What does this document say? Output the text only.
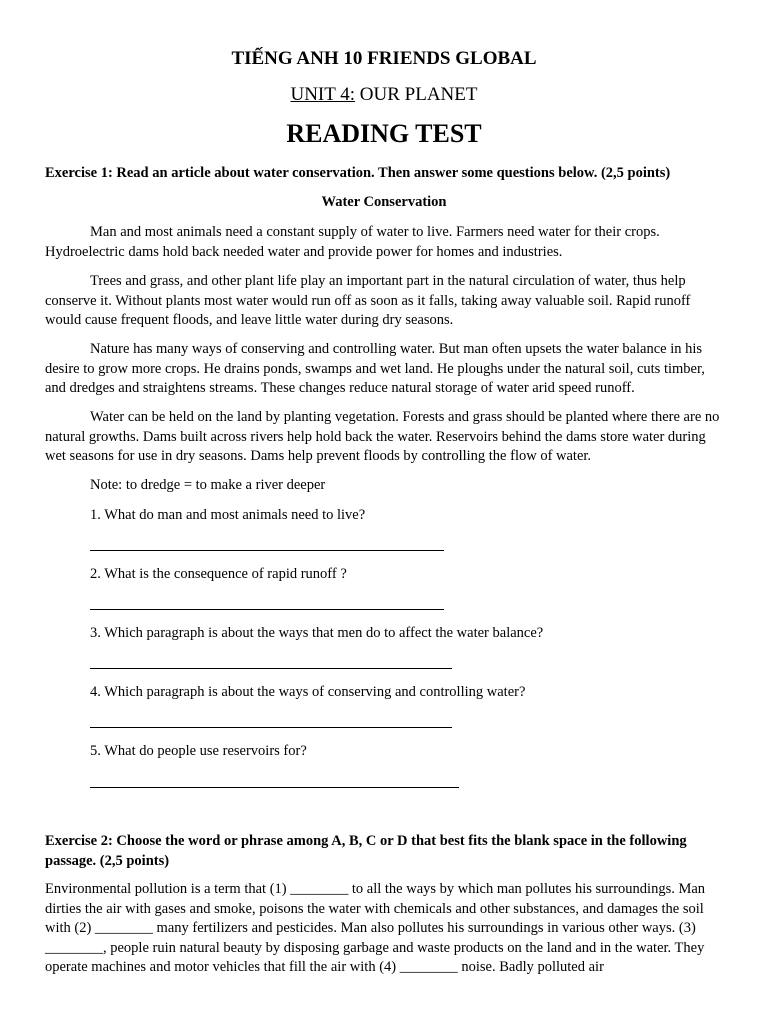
TIẾNG ANH 10 FRIENDS GLOBAL
UNIT 4: OUR PLANET
READING TEST
Exercise 1: Read an article about water conservation. Then answer some questions below. (2,5 points)
Water Conservation

Man and most animals need a constant supply of water to live. Farmers need water for their crops. Hydroelectric dams hold back needed water and provide power for homes and industries.

Trees and grass, and other plant life play an important part in the natural circulation of water, thus help conserve it. Without plants most water would run off as soon as it falls, taking away valuable soil. Rapid runoff would cause frequent floods, and leave little water during dry seasons.

Nature has many ways of conserving and controlling water. But man often upsets the water balance in his desire to grow more crops. He drains ponds, swamps and wet land. He ploughs under the natural soil, cuts timber, and dredges and straightens streams. These changes reduce natural storage of water arid speed runoff.

Water can be held on the land by planting vegetation. Forests and grass should be planted where there are no natural growths. Dams built across rivers help hold back the water. Reservoirs behind the dams store water during wet seasons for use in dry seasons. Dams help prevent floods by controlling the flow of water.

Note: to dredge = to make a river deeper
1. What do man and most animals need to live?
2. What is the consequence of rapid runoff ?
3. Which paragraph is about the ways that men do to affect the water balance?
4. Which paragraph is about the ways of conserving and controlling water?
5. What do people use reservoirs for?
Exercise 2: Choose the word or phrase among A, B, C or D that best fits the blank space in the following passage. (2,5 points)

Environmental pollution is a term that (1) ________ to all the ways by which man pollutes his surroundings. Man dirties the air with gases and smoke, poisons the water with chemicals and other substances, and damages the soil with (2) ________ many fertilizers and pesticides. Man also pollutes his surroundings in various other ways. (3) ________, people ruin natural beauty by disposing garbage and waste products on the land and in the water. They operate machines and motor vehicles that fill the air with (4) ________ noise. Badly polluted air
